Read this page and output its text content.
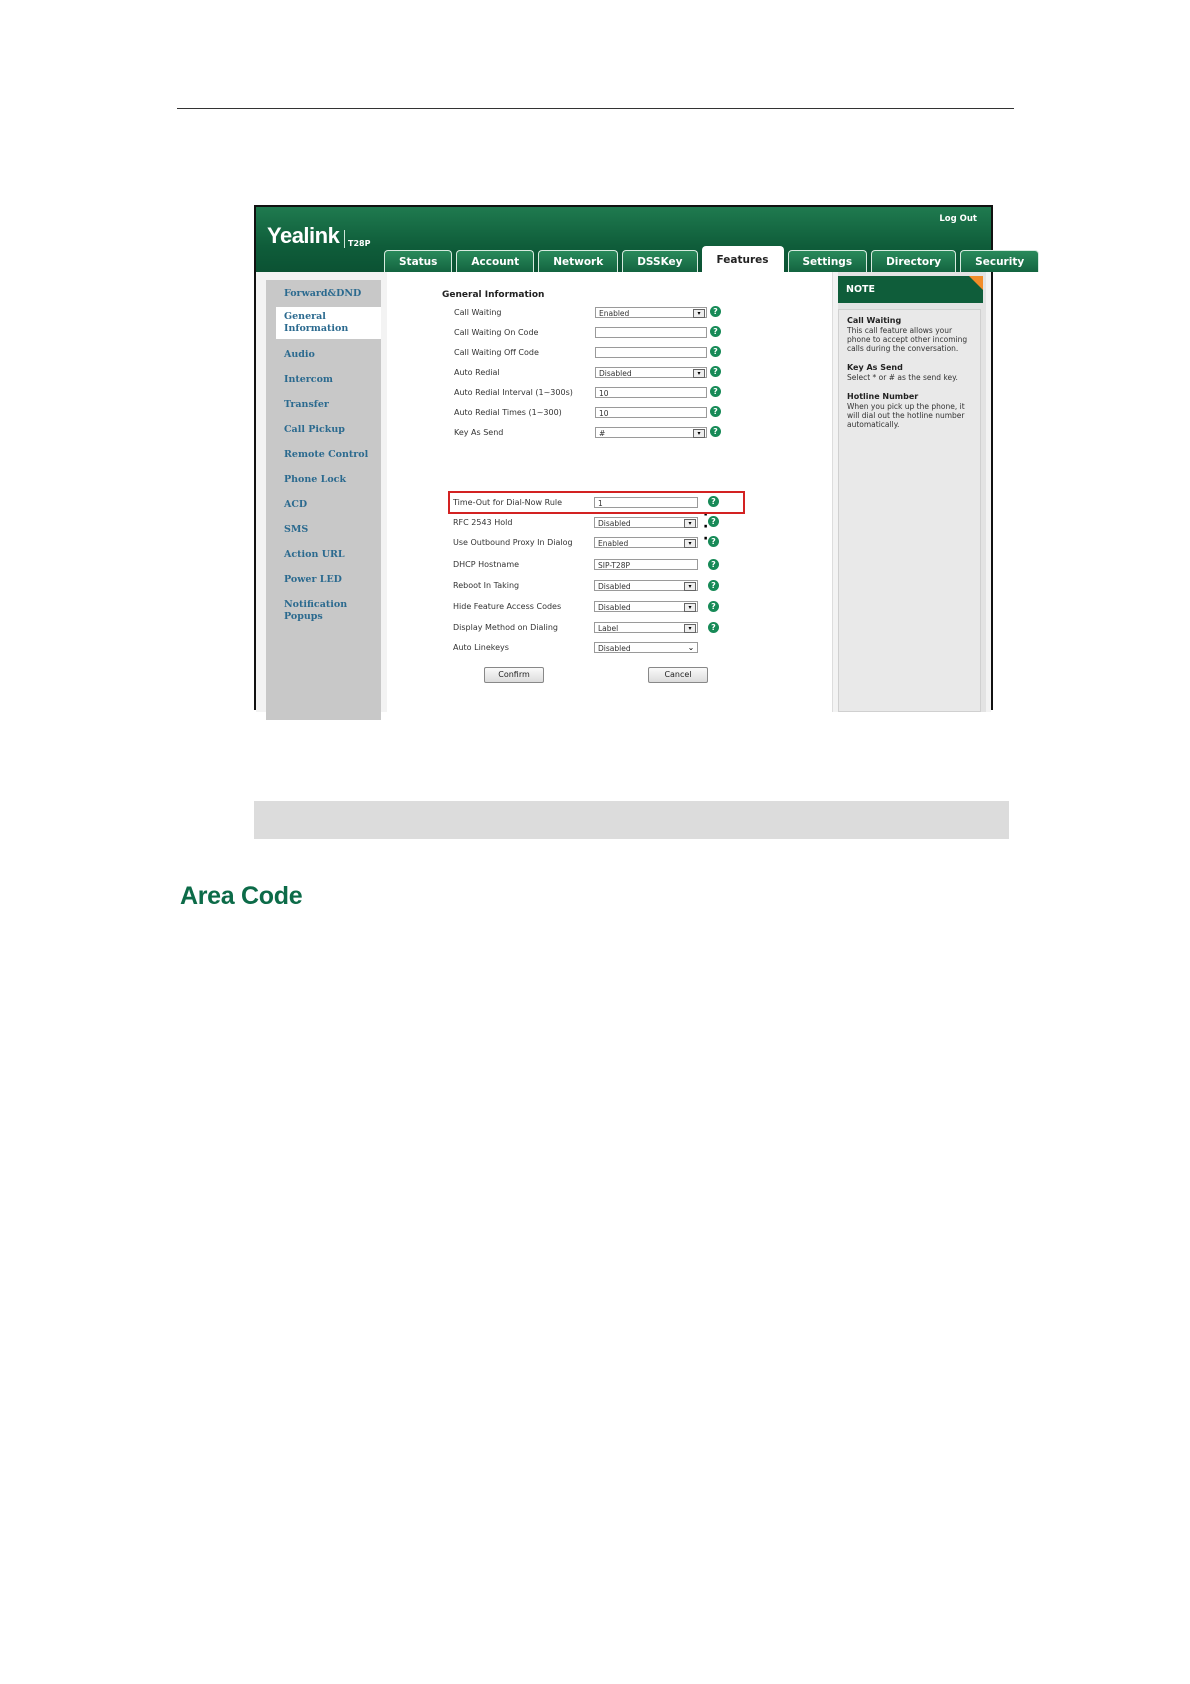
Yealink T28P
Log Out
Status	Account	Network	DSSKey	Features	Settings	Directory	Security
Forward&DND
General Information
Audio
Intercom
Transfer
Call Pickup
Remote Control
Phone Lock
ACD
SMS
Action URL
Power LED
Notification Popups
General Information
Call Waiting	Enabled	▾	?
Call Waiting On Code	?
Call Waiting Off Code	?
Auto Redial	Disabled	▾	?
Auto Redial Interval (1~300s)	10	?
Auto Redial Times (1~300)	10	?
Key As Send	#	▾	?
·
·
·
Time-Out for Dial-Now Rule	1	?
RFC 2543 Hold	Disabled	▾	?
Use Outbound Proxy In Dialog	Enabled	▾	?
DHCP Hostname	SIP-T28P	?
Reboot In Taking	Disabled	▾	?
Hide Feature Access Codes	Disabled	▾	?
Display Method on Dialing	Label	▾	?
Auto Linekeys	Disabled	⌄
Confirm	Cancel
NOTE
Call Waiting
This call feature allows your phone to accept other incoming calls during the conversation.
Key As Send
Select * or # as the send key.
Hotline Number
When you pick up the phone, it will dial out the hotline number automatically.
Area Code
